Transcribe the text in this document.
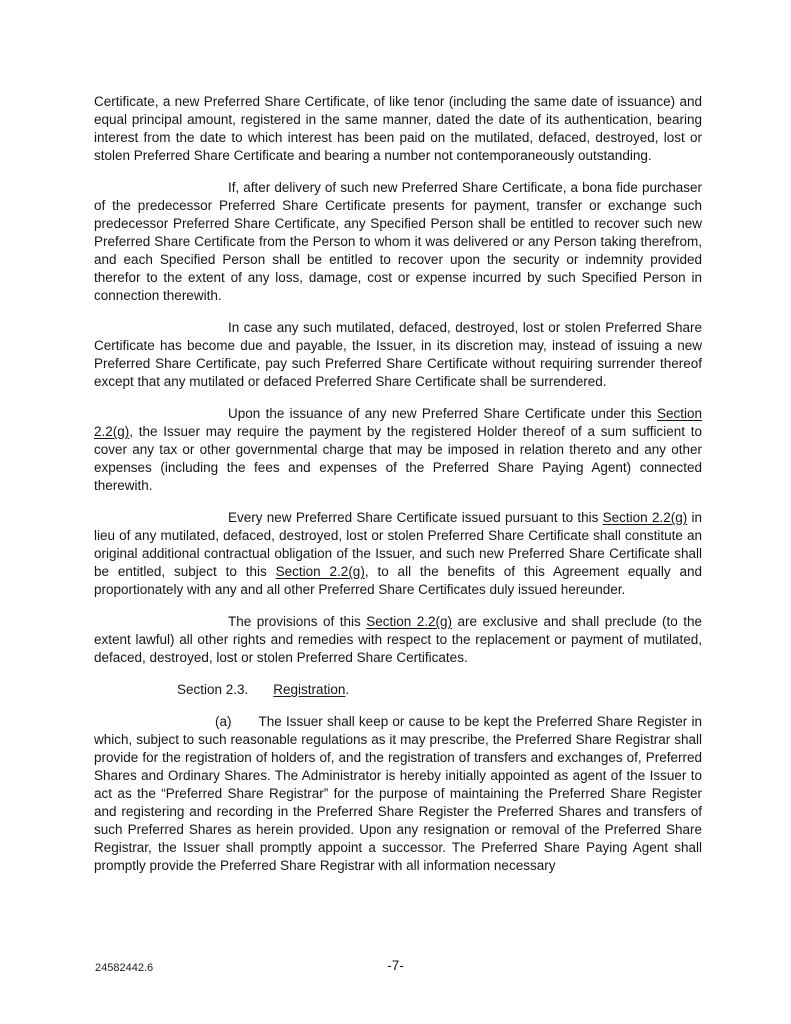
Certificate, a new Preferred Share Certificate, of like tenor (including the same date of issuance) and equal principal amount, registered in the same manner, dated the date of its authentication, bearing interest from the date to which interest has been paid on the mutilated, defaced, destroyed, lost or stolen Preferred Share Certificate and bearing a number not contemporaneously outstanding.

If, after delivery of such new Preferred Share Certificate, a bona fide purchaser of the predecessor Preferred Share Certificate presents for payment, transfer or exchange such predecessor Preferred Share Certificate, any Specified Person shall be entitled to recover such new Preferred Share Certificate from the Person to whom it was delivered or any Person taking therefrom, and each Specified Person shall be entitled to recover upon the security or indemnity provided therefor to the extent of any loss, damage, cost or expense incurred by such Specified Person in connection therewith.

In case any such mutilated, defaced, destroyed, lost or stolen Preferred Share Certificate has become due and payable, the Issuer, in its discretion may, instead of issuing a new Preferred Share Certificate, pay such Preferred Share Certificate without requiring surrender thereof except that any mutilated or defaced Preferred Share Certificate shall be surrendered.

Upon the issuance of any new Preferred Share Certificate under this Section 2.2(g), the Issuer may require the payment by the registered Holder thereof of a sum sufficient to cover any tax or other governmental charge that may be imposed in relation thereto and any other expenses (including the fees and expenses of the Preferred Share Paying Agent) connected therewith.

Every new Preferred Share Certificate issued pursuant to this Section 2.2(g) in lieu of any mutilated, defaced, destroyed, lost or stolen Preferred Share Certificate shall constitute an original additional contractual obligation of the Issuer, and such new Preferred Share Certificate shall be entitled, subject to this Section 2.2(g), to all the benefits of this Agreement equally and proportionately with any and all other Preferred Share Certificates duly issued hereunder.

The provisions of this Section 2.2(g) are exclusive and shall preclude (to the extent lawful) all other rights and remedies with respect to the replacement or payment of mutilated, defaced, destroyed, lost or stolen Preferred Share Certificates.

Section 2.3. Registration.

(a) The Issuer shall keep or cause to be kept the Preferred Share Register in which, subject to such reasonable regulations as it may prescribe, the Preferred Share Registrar shall provide for the registration of holders of, and the registration of transfers and exchanges of, Preferred Shares and Ordinary Shares. The Administrator is hereby initially appointed as agent of the Issuer to act as the “Preferred Share Registrar” for the purpose of maintaining the Preferred Share Register and registering and recording in the Preferred Share Register the Preferred Shares and transfers of such Preferred Shares as herein provided. Upon any resignation or removal of the Preferred Share Registrar, the Issuer shall promptly appoint a successor. The Preferred Share Paying Agent shall promptly provide the Preferred Share Registrar with all information necessary

24582442.6	-7-
